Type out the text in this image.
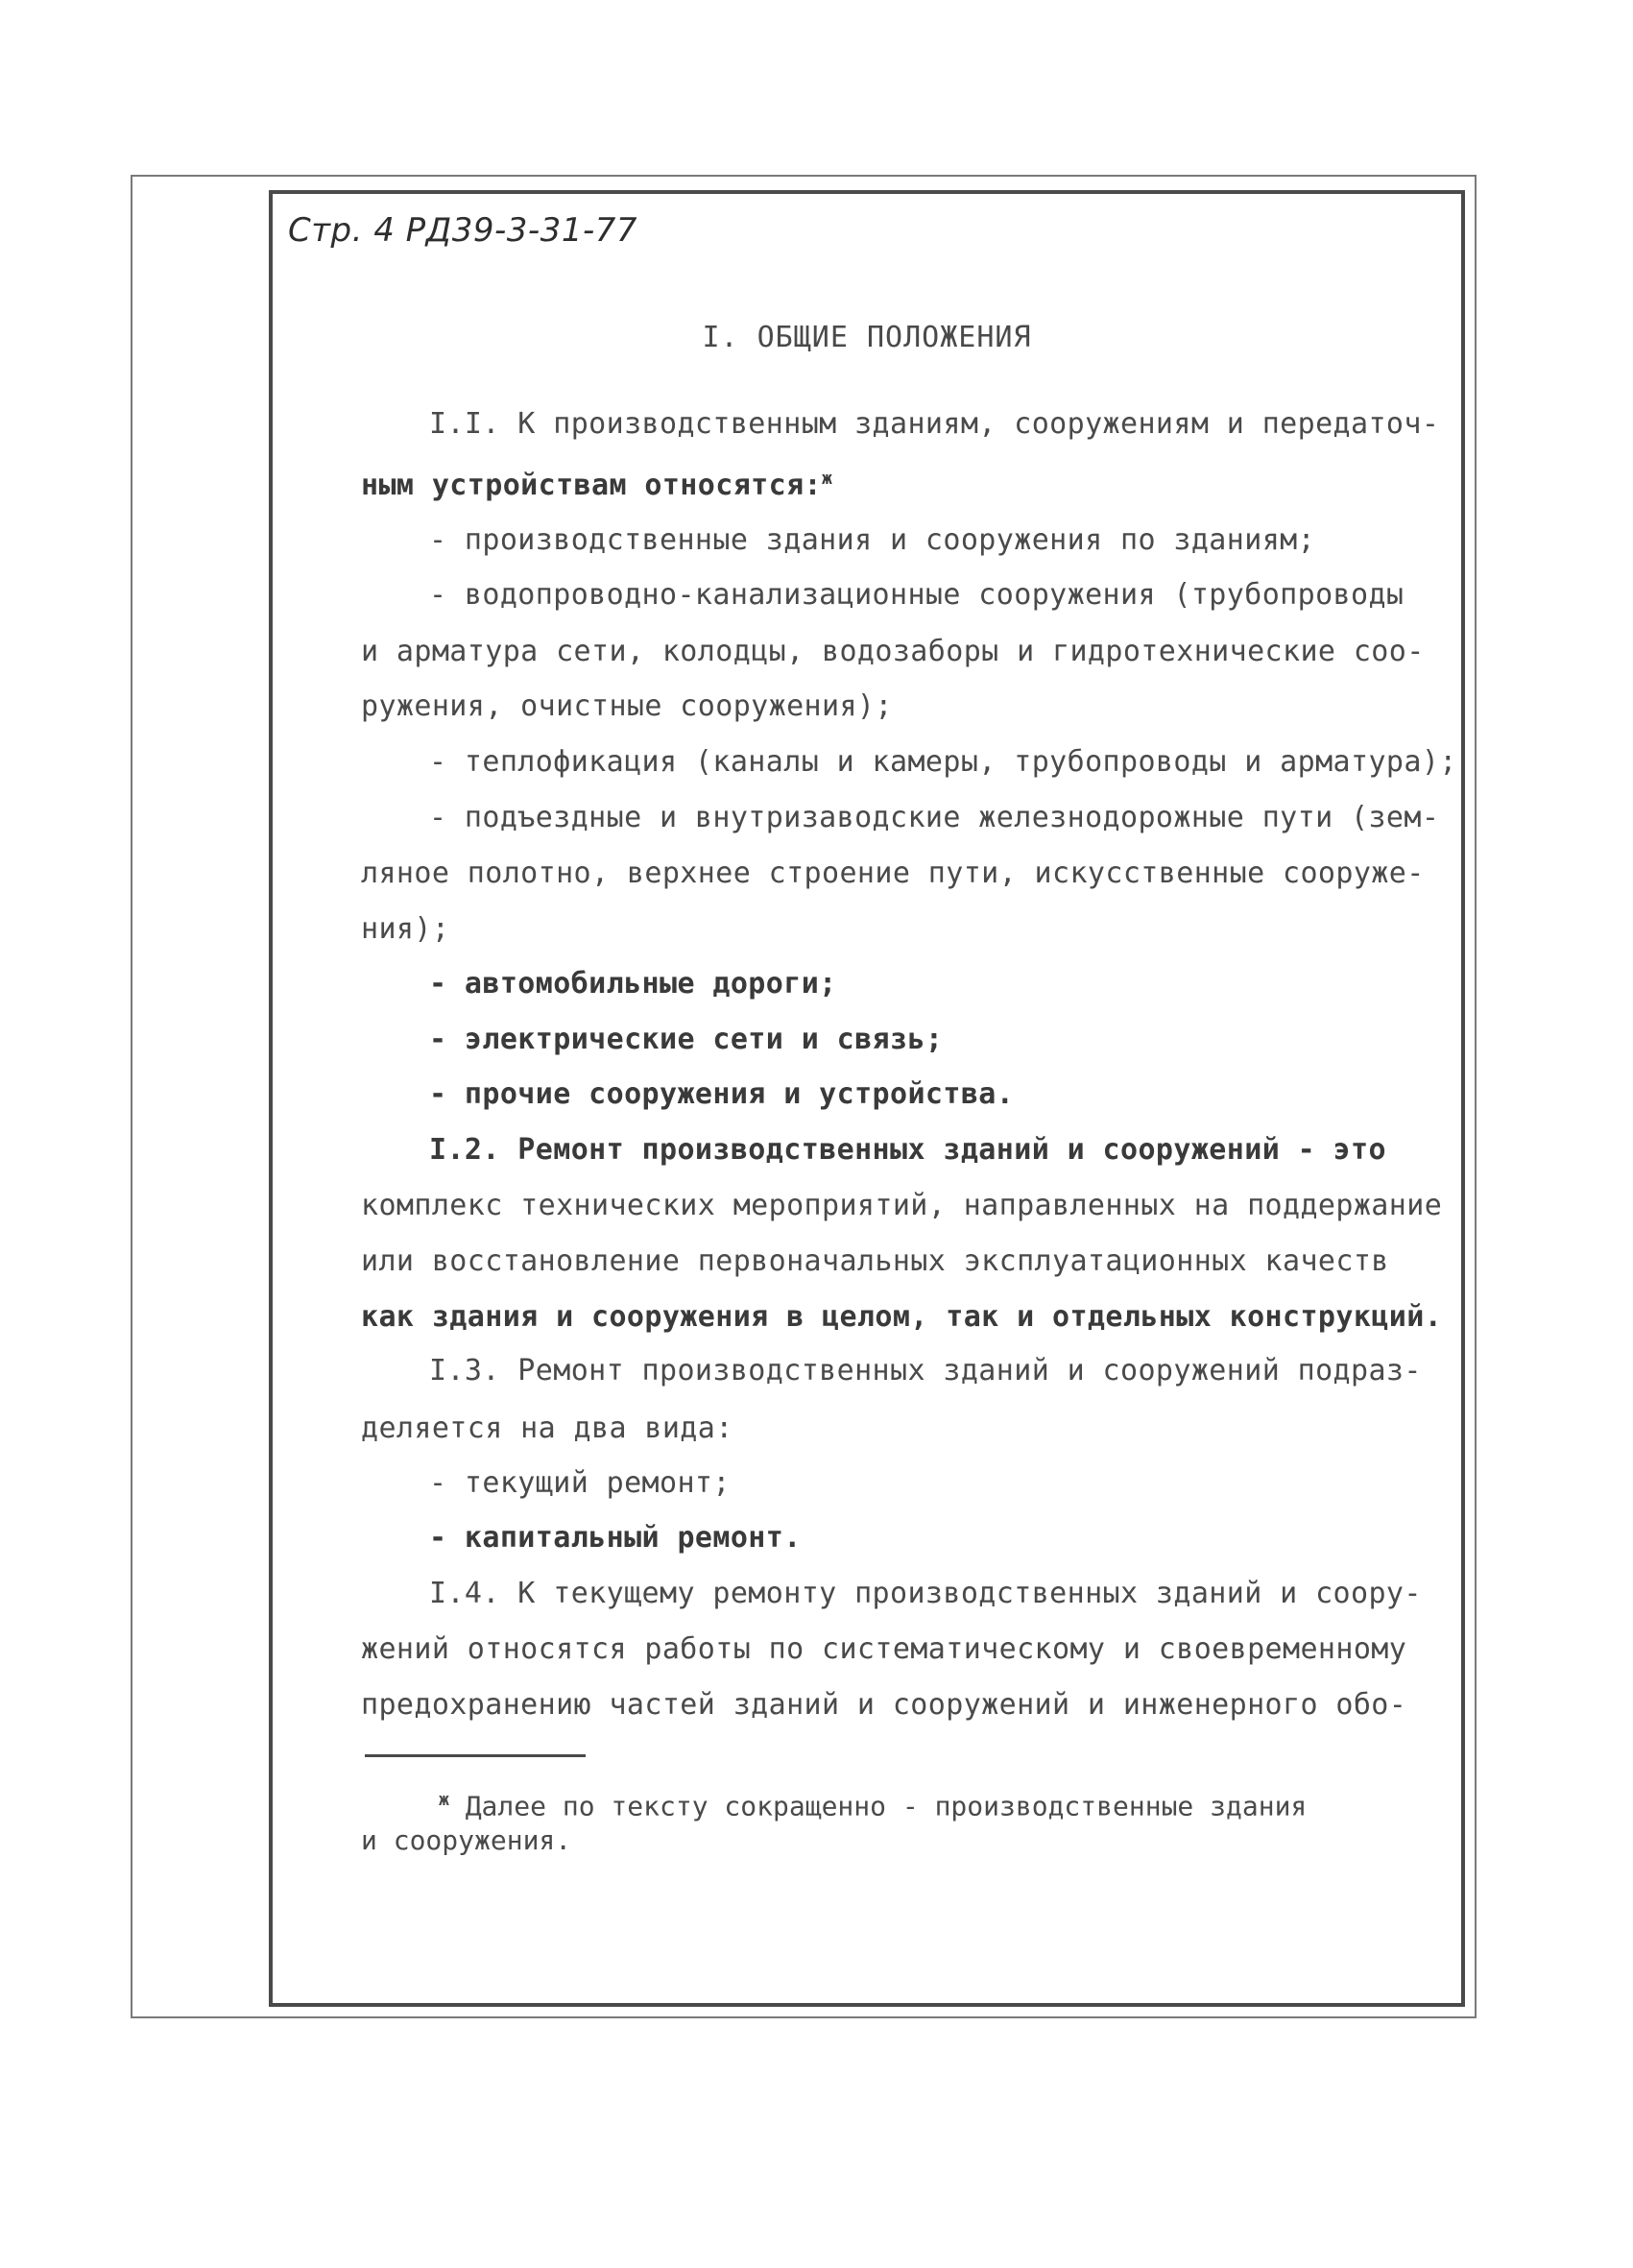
Стр. 4 РД39-3-31-77
I. ОБЩИЕ ПОЛОЖЕНИЯ
I.I. К производственным зданиям, сооружениям и передаточ-
ным устройствам относятся:$^ж$
- производственные здания и сооружения по зданиям;
- водопроводно-канализационные сооружения (трубопроводы
и арматура сети, колодцы, водозаборы и гидротехнические соо-
ружения, очистные сооружения);
- теплофикация (каналы и камеры, трубопроводы и арматура);
- подъездные и внутризаводские железнодорожные пути (зем-
ляное полотно, верхнее строение пути, искусственные сооруже-
ния);
- автомобильные дороги;
- электрические сети и связь;
- прочие сооружения и устройства.
I.2. Ремонт производственных зданий и сооружений - это
комплекс технических мероприятий, направленных на поддержание
или восстановление первоначальных эксплуатационных качеств
как здания и сооружения в целом, так и отдельных конструкций.
I.3. Ремонт производственных зданий и сооружений подраз-
деляется на два вида:
- текущий ремонт;
- капитальный ремонт.
I.4. К текущему ремонту производственных зданий и соору-
жений относятся работы по систематическому и своевременному
предохранению частей зданий и сооружений и инженерного обо-
$^ж$ Далее по тексту сокращенно - производственные здания
и сооружения.
